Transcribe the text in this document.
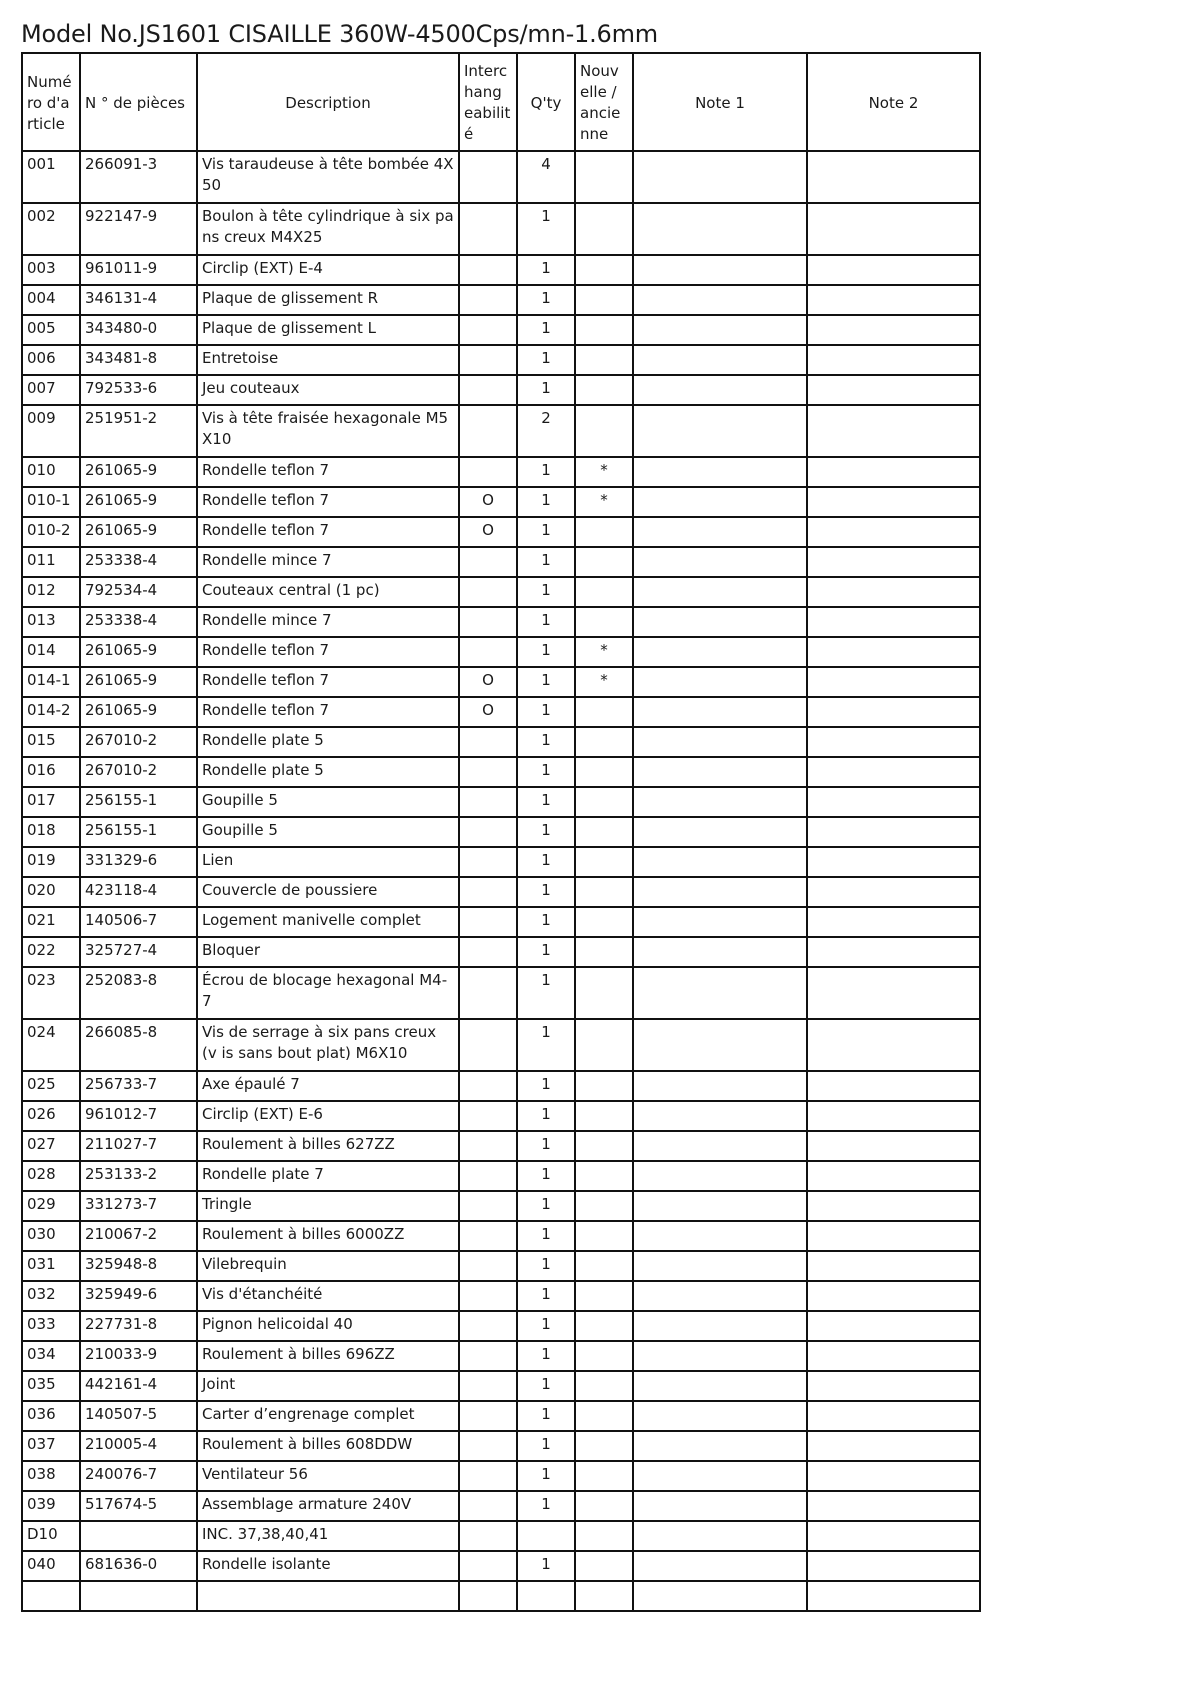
Model No.JS1601 CISAILLE 360W-4500Cps/mn-1.6mm
Numé ro d'a rticle	N ° de pièces	Description	Interc hang eabilit é	Q'ty	Nouv elle / ancie nne	Note 1	Note 2
001	266091-3	Vis taraudeuse à tête bombée 4X 50		4			
002	922147-9	Boulon à tête cylindrique à six pa ns creux M4X25		1			
003	961011-9	Circlip (EXT) E-4		1			
004	346131-4	Plaque de glissement R		1			
005	343480-0	Plaque de glissement L		1			
006	343481-8	Entretoise		1			
007	792533-6	Jeu couteaux		1			
009	251951-2	Vis à tête fraisée hexagonale M5 X10		2			
010	261065-9	Rondelle teflon 7		1	*		
010-1	261065-9	Rondelle teflon 7	O	1	*		
010-2	261065-9	Rondelle teflon 7	O	1			
011	253338-4	Rondelle mince 7		1			
012	792534-4	Couteaux central (1 pc)		1			
013	253338-4	Rondelle mince 7		1			
014	261065-9	Rondelle teflon 7		1	*		
014-1	261065-9	Rondelle teflon 7	O	1	*		
014-2	261065-9	Rondelle teflon 7	O	1			
015	267010-2	Rondelle plate 5		1			
016	267010-2	Rondelle plate 5		1			
017	256155-1	Goupille 5		1			
018	256155-1	Goupille 5		1			
019	331329-6	Lien		1			
020	423118-4	Couvercle de poussiere		1			
021	140506-7	Logement manivelle complet		1			
022	325727-4	Bloquer		1			
023	252083-8	Écrou de blocage hexagonal M4- 7		1			
024	266085-8	Vis de serrage à six pans creux (v is sans bout plat) M6X10		1			
025	256733-7	Axe épaulé 7		1			
026	961012-7	Circlip (EXT) E-6		1			
027	211027-7	Roulement à billes 627ZZ		1			
028	253133-2	Rondelle plate 7		1			
029	331273-7	Tringle		1			
030	210067-2	Roulement à billes 6000ZZ		1			
031	325948-8	Vilebrequin		1			
032	325949-6	Vis d'étanchéité		1			
033	227731-8	Pignon helicoidal 40		1			
034	210033-9	Roulement à billes 696ZZ		1			
035	442161-4	Joint		1			
036	140507-5	Carter d’engrenage complet		1			
037	210005-4	Roulement à billes 608DDW		1			
038	240076-7	Ventilateur 56		1			
039	517674-5	Assemblage armature 240V		1			
D10		INC. 37,38,40,41					
040	681636-0	Rondelle isolante		1			
